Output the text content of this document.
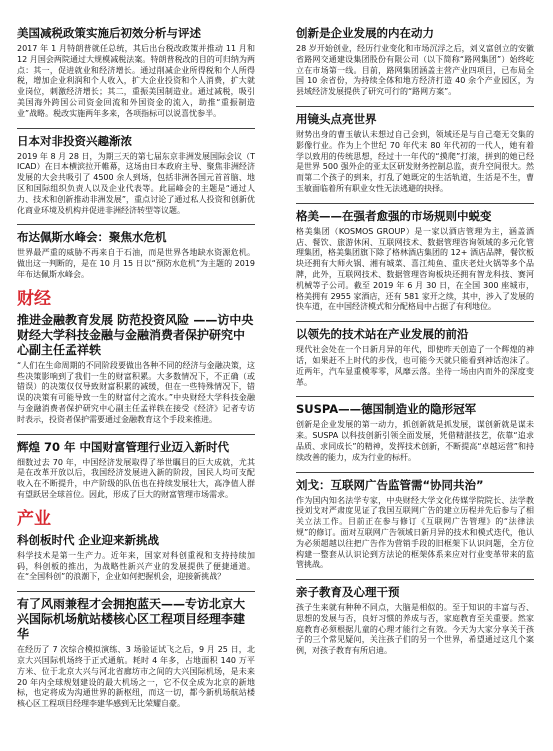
美国减税政策实施后初效分析与评述

2017 年 1 月特朗普就任总统，其后出台税改政策并推动 11 月和 12 月国会两院通过大规模减税法案。特朗普税改的目的可归纳为两点：其一，促进就业和经济增长。通过削减企业所得税和个人所得税，增加企业利润和个人收入，扩大企业投资和个人消费，扩大就业岗位，刺激经济增长；其二，重振美国制造业。通过减税，吸引美国海外跨国公司资金回流和外国资金的流入，助推“重振制造业”战略。税改实施两年多来，各项指标可以说喜忧参半。

日本对非投资兴趣渐浓

2019 年 8 月 28 日，为期三天的第七届东京非洲发展国际会议（TICAD）在日本横滨拉开帷幕，这场由日本政府主导、聚焦非洲经济发展的大会共吸引了 4500 余人到场，包括非洲各国元首首脑、地区和国际组织负责人以及企业代表等。此届峰会的主题是“通过人力、技术和创新推动非洲发展”，重点讨论了通过私人投资和创新优化商业环境及机构并促进非洲经济转型等议题。

布达佩斯水峰会：聚焦水危机

世界最严重的威胁不再来自于石油，而是世界各地缺水资源危机。做出这一判断的，是在 10 月 15 日以“预防水危机”为主题的 2019 年布达佩斯水峰会。

财经
推进金融教育发展 防范投资风险 ——访中央财经大学科技金融与金融消费者保护研究中心副主任孟祥轶

“人们在生命周期的不同阶段要做出各种不同的经济与金融决策，这些决策影响到了我们一生的财富积累。大多数情况下，不正确（或错误）的决策仅仅导致财富积累的减缓，但在一些特殊情况下，错误的决策有可能导致一生的财富付之流水。”中央财经大学科技金融与金融消费者保护研究中心副主任孟祥轶在接受《经济》记者专访时表示，投资者保护需要通过金融教育这个手段来推进。

辉煌 70 年 中国财富管理行业迈入新时代

细数过去 70 年，中国经济发展取得了举世瞩目的巨大成就，尤其是在改革开放以后，我国经济发展进入新的阶段，国民人均可支配收入在不断提升，中产阶级的队伍也在持续发展壮大，高净值人群有望跃居全球首位。因此，形成了巨大的财富管理市场需求。

产业
科创板时代 企业迎来新挑战

科学技术是第一生产力。近年来，国家对科创重视和支持持续加码，科创板的推出，为战略性新兴产业的发展提供了便捷通道。在“全国科创”的浪潮下，企业如何把握机会，迎接新挑战？

有了风雨兼程才会拥抱蓝天——专访北京大兴国际机场航站楼核心区工程项目经理李建华

在经历了 7 次综合模拟演练、3 场验证试飞之后，9 月 25 日，北京大兴国际机场终于正式通航。耗时 4 年多，占地面积 140 万平方米、位于北京大兴与河北省廊坊市之间的大兴国际机场，是未来 20 年内全球规划建设的最大机场之一，它不仅全成为北京的新地标，也定将成为沟通世界的新枢纽，而这一切，都今新机场航站楼核心区工程项目经理李建华感到无比荣耀自豪。

创新是企业发展的内在动力

28 岁开始创业，经历行业变化和市场沉浮之后，刘义富创立的安徽省路网交通建设集团股份有限公司（以下简称“路网集团”）始终屹立在市场第一线。目前，路网集团涵盖主营产业四项目，已布局全国 10 余省份，为持续全体和地方经济打造 40 余个产业园区，为县域经济发展提供了研究可行的“路网方案”。

用镜头点亮世界

财势出身的曹玉敏认未想过自己会到，领域还是与自己毫无交集的影像行业。作为上个世纪 70 年代末 80 年代初的一代人，她有着学以致用的传统思想，经过十一年代的“摸爬”打滚，拼到的她已经是世界 500 强外企的亚太区研发财务控制总监，责升空间很大。然而第二个孩子的到来，打乱了她既定的生活轨道，生活是不生，曹玉敏面临着所有职业女性无法逃避的抉择。

格美——在强者愈强的市场规则中蜕变

格美集团（KOSMOS GROUP）是一家以酒店管理为主，涵盖酒店、餐饮、旅游休闲、互联网技术、数据管理咨询领域的多元化管理集团，格美集团旗下除了格林酒店集团的 12+ 酒店品牌，餐饮板块还拥有大师火锅、湘有城菜、喜江炖鱼、重庆老灶火锅等多个品牌，此外，互联网技术、数据管理咨询板块还拥有智龙科技、赛河机械等子公司。截至 2019 年 6 月 30 日，在全国 300 座城市，格美拥有 2955 家酒店，还有 581 家开之续，其中，涉入了发展的快车道，在中国经济模式和分配格局中占据了有利地位。

以领先的技术站在产业发展的前沿

现代社会处在一个日新月异的年代，即使昨天创造了一个辉煌的神话，如果赶不上时代的步伐，也可能今天就只能看到神话泡沫了。近两年，汽车显重模零零，风靡云落。坐待一场由内而外的深度变革。

SUSPA——德国制造业的隐形冠军

创新是企业发展的第一动力，抓创新就是抓发展，谋创新就是谋未来。SUSPA 以科技创新引领全面发展，凭借精湛技艺，依靠“追求品质、求同成长”的精神，发挥技术创新，不断提高“卓越运营”和持续改善的能力，成为行业的标杆。

刘戈：互联网广告监管需“协同共治”

作为国内知名法学专家，中央财经大学文化传媒学院院长、法学教授刘戈对严肃度见证了我国互联网广告的建立历程并先后参与了相关立法工作。目前正在参与修订《互联网广告管理》的“法律法规”的修订。面对互联网广告领域日新月异的技术和模式迭代，他认为必须超越以往把广告作为营销手段的旧框架下认识问题，全方位构建一整套从认识论到方法论的框架体系来应对行业变革带来的监管挑战。

亲子教育及心理干预

孩子生来就有种种不同点，大脑是相似的。至于知识的丰富与否、思想的发展与否，良好习惯的养成与否，家庭教育至关重要。然家庭教育必须根据儿童的心理才能行之有效。今天为大家分享关于孩子的三个常见疑问，关注孩子们的另一个世界，希望通过这几个案例，对孩子教育有所启迪。
